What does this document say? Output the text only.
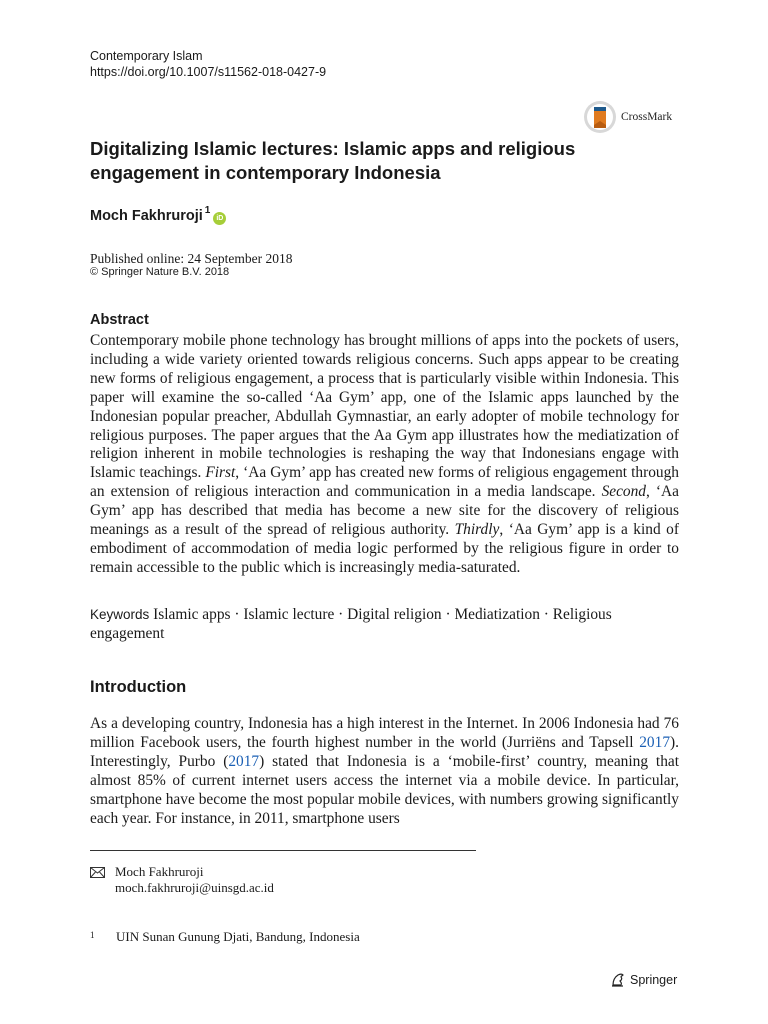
Contemporary Islam
https://doi.org/10.1007/s11562-018-0427-9
CrossMark
Digitalizing Islamic lectures: Islamic apps and religious engagement in contemporary Indonesia
Moch Fakhruroji$^1$
iD
Published online: 24 September 2018
© Springer Nature B.V. 2018
Abstract

Contemporary mobile phone technology has brought millions of apps into the pockets of users, including a wide variety oriented towards religious concerns. Such apps appear to be creating new forms of religious engagement, a process that is particularly visible within Indonesia. This paper will examine the so-called ‘Aa Gym’ app, one of the Islamic apps launched by the Indonesian popular preacher, Abdullah Gymnastiar, an early adopter of mobile technology for religious purposes. The paper argues that the Aa Gym app illustrates how the mediatization of religion inherent in mobile technologies is reshaping the way that Indonesians engage with Islamic teachings. First, ‘Aa Gym’ app has created new forms of religious engagement through an extension of religious interaction and communication in a media landscape. Second, ‘Aa Gym’ app has described that media has become a new site for the discovery of religious meanings as a result of the spread of religious authority. Thirdly, ‘Aa Gym’ app is a kind of embodiment of accommodation of media logic performed by the religious figure in order to remain accessible to the public which is increasingly media-saturated.

Keywords Islamic apps · Islamic lecture · Digital religion · Mediatization · Religious engagement

Introduction

As a developing country, Indonesia has a high interest in the Internet. In 2006 Indonesia had 76 million Facebook users, the fourth highest number in the world (Jurriëns and Tapsell 2017). Interestingly, Purbo (2017) stated that Indonesia is a ‘mobile-first’ country, meaning that almost 85% of current internet users access the internet via a mobile device. In particular, smartphone have become the most popular mobile devices, with numbers growing significantly each year. For instance, in 2011, smartphone users

Moch Fakhruroji
moch.fakhruroji@uinsgd.ac.id
1	UIN Sunan Gunung Djati, Bandung, Indonesia
Springer
